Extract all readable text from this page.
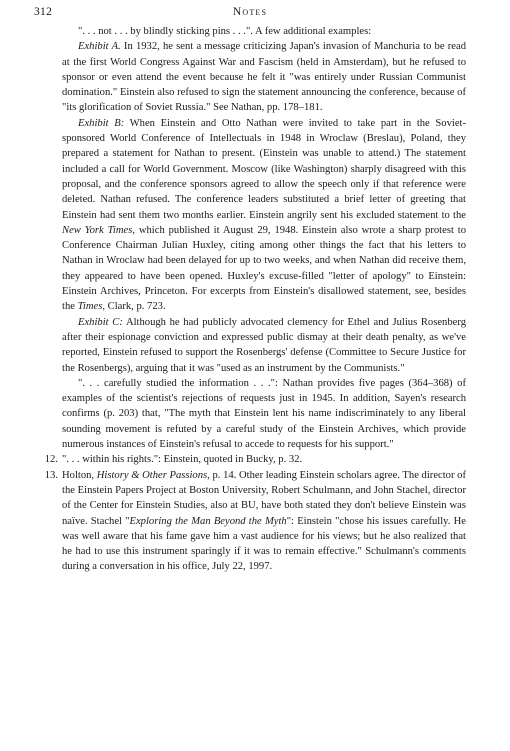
312	Notes

". . . not . . . by blindly sticking pins . . .". A few additional examples:

Exhibit A. In 1932, he sent a message criticizing Japan's invasion of Manchuria to be read at the first World Congress Against War and Fascism (held in Amsterdam), but he refused to sponsor or even attend the event because he felt it "was entirely under Russian Communist domination." Einstein also refused to sign the statement announcing the conference, because of "its glorification of Soviet Russia." See Nathan, pp. 178–181.

Exhibit B: When Einstein and Otto Nathan were invited to take part in the Soviet-sponsored World Conference of Intellectuals in 1948 in Wroclaw (Breslau), Poland, they prepared a statement for Nathan to present. (Einstein was unable to attend.) The statement included a call for World Government. Moscow (like Washington) sharply disagreed with this proposal, and the conference sponsors agreed to allow the speech only if that reference were deleted. Nathan refused. The conference leaders substituted a brief letter of greeting that Einstein had sent them two months earlier. Einstein angrily sent his excluded statement to the New York Times, which published it August 29, 1948. Einstein also wrote a sharp protest to Conference Chairman Julian Huxley, citing among other things the fact that his letters to Nathan in Wroclaw had been delayed for up to two weeks, and when Nathan did receive them, they appeared to have been opened. Huxley's excuse-filled "letter of apology" to Einstein: Einstein Archives, Princeton. For excerpts from Einstein's disallowed statement, see, besides the Times, Clark, p. 723.

Exhibit C: Although he had publicly advocated clemency for Ethel and Julius Rosenberg after their espionage conviction and expressed public dismay at their death penalty, as we've reported, Einstein refused to support the Rosenbergs' defense (Committee to Secure Justice for the Rosenbergs), arguing that it was "used as an instrument by the Communists."

". . . carefully studied the information . . .": Nathan provides five pages (364–368) of examples of the scientist's rejections of requests just in 1945. In addition, Sayen's research confirms (p. 203) that, "The myth that Einstein lent his name indiscriminately to any liberal sounding movement is refuted by a careful study of the Einstein Archives, which provide numerous instances of Einstein's refusal to accede to requests for his support."

12. ". . . within his rights.": Einstein, quoted in Bucky, p. 32.

13. Holton, History & Other Passions, p. 14. Other leading Einstein scholars agree. The director of the Einstein Papers Project at Boston University, Robert Schulmann, and John Stachel, director of the Center for Einstein Studies, also at BU, have both stated they don't believe Einstein was naïve. Stachel "Exploring the Man Beyond the Myth": Einstein "chose his issues carefully. He was well aware that his fame gave him a vast audience for his views; but he also realized that he had to use this instrument sparingly if it was to remain effective." Schulmann's comments during a conversation in his office, July 22, 1997.
